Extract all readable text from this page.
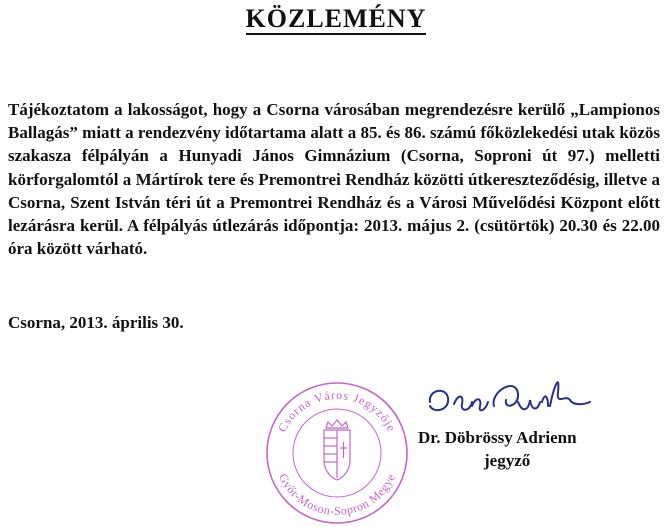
KÖZLEMÉNY
Tájékoztatom a lakosságot, hogy a Csorna városában megrendezésre kerülő „Lampionos Ballagás” miatt a rendezvény időtartama alatt a 85. és 86. számú főközlekedési utak közös szakasza félpályán a Hunyadi János Gimnázium (Csorna, Soproni út 97.) melletti körforgalomtól a Mártírok tere és Premontrei Rendház közötti útkereszteződésig, illetve a Csorna, Szent István téri út a Premontrei Rendház és a Városi Művelődési Központ előtt lezárásra kerül. A félpályás útlezárás időpontja: 2013. május 2. (csütörtök) 20.30 és 22.00 óra között várható.
Csorna, 2013. április 30.
Csorna Város Jegyzője
Győr-Moson-Sopron Megye
Dr. Döbrössy Adrienn
jegyző
